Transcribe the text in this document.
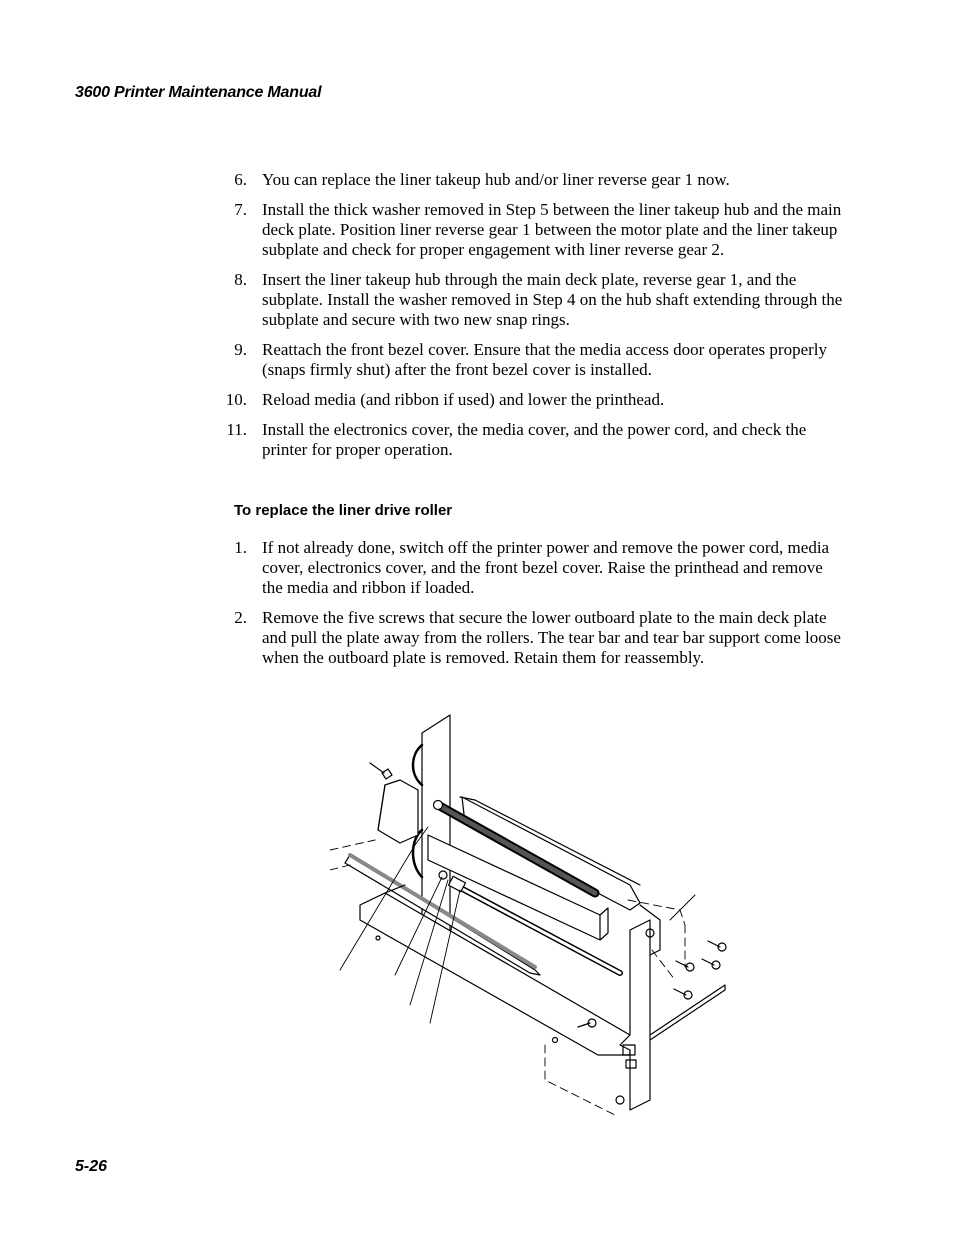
3600 Printer Maintenance Manual
6. You can replace the liner takeup hub and/or liner reverse gear 1 now.
7. Install the thick washer removed in Step 5 between the liner takeup hub and the main deck plate. Position liner reverse gear 1 between the motor plate and the liner takeup subplate and check for proper engagement with liner reverse gear 2.
8. Insert the liner takeup hub through the main deck plate, reverse gear 1, and the subplate. Install the washer removed in Step 4 on the hub shaft extending through the subplate and secure with two new snap rings.
9. Reattach the front bezel cover. Ensure that the media access door operates properly (snaps firmly shut) after the front bezel cover is installed.
10. Reload media (and ribbon if used) and lower the printhead.
11. Install the electronics cover, the media cover, and the power cord, and check the printer for proper operation.
To replace the liner drive roller
1. If not already done, switch off the printer power and remove the power cord, media cover, electronics cover, and the front bezel cover. Raise the printhead and remove the media and ribbon if loaded.
2. Remove the five screws that secure the lower outboard plate to the main deck plate and pull the plate away from the rollers. The tear bar and tear bar support come loose when the outboard plate is removed. Retain them for reassembly.
5-26
